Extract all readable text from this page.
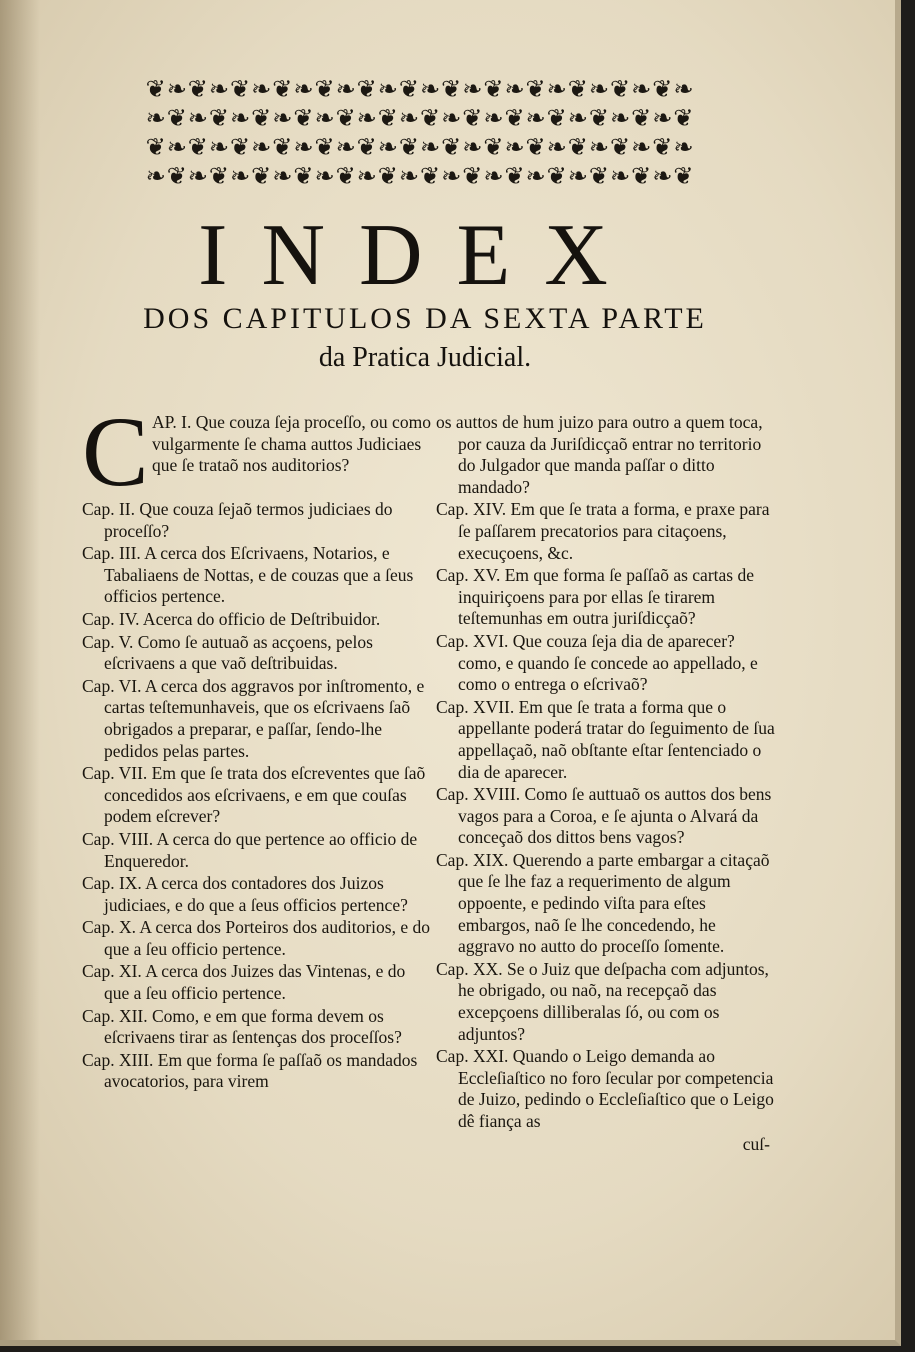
❦❧❦❧❦❧❦❧❦❧❦❧❦❧❦❧❦❧❦❧❦❧❦❧❦❧
❧❦❧❦❧❦❧❦❧❦❧❦❧❦❧❦❧❦❧❦❧❦❧❦❧❦
❦❧❦❧❦❧❦❧❦❧❦❧❦❧❦❧❦❧❦❧❦❧❦❧❦❧
❧❦❧❦❧❦❧❦❧❦❧❦❧❦❧❦❧❦❧❦❧❦❧❦❧❦
INDEX
DOS CAPITULOS DA SEXTA PARTE
da Pratica Judicial.
C AP. I. Que couza ſeja proceſſo, ou como vulgarmente ſe chama auttos Judiciaes que ſe trataõ nos auditorios?
Cap. II. Que couza ſejaõ termos judiciaes do proceſſo?
Cap. III. A cerca dos Eſcrivaens, Notarios, e Tabaliaens de Nottas, e de couzas que a ſeus officios pertence.
Cap. IV. Acerca do officio de Deſtribuidor.
Cap. V. Como ſe autuaõ as acçoens, pelos eſcrivaens a que vaõ deſtribuidas.
Cap. VI. A cerca dos aggravos por inſtromento, e cartas teſtemunhaveis, que os eſcrivaens ſaõ obrigados a preparar, e paſſar, ſendo-lhe pedidos pelas partes.
Cap. VII. Em que ſe trata dos eſcreventes que ſaõ concedidos aos eſcrivaens, e em que couſas podem eſcrever?
Cap. VIII. A cerca do que pertence ao officio de Enqueredor.
Cap. IX. A cerca dos contadores dos Juizos judiciaes, e do que a ſeus officios pertence?
Cap. X. A cerca dos Porteiros dos auditorios, e do que a ſeu officio pertence.
Cap. XI. A cerca dos Juizes das Vintenas, e do que a ſeu officio pertence.
Cap. XII. Como, e em que forma devem os eſcrivaens tirar as ſentenças dos proceſſos?
Cap. XIII. Em que forma ſe paſſaõ os mandados avocatorios, para virem
os auttos de hum juizo para outro a quem toca, por cauza da Juriſdicçaõ entrar no territorio do Julgador que manda paſſar o ditto mandado?
Cap. XIV. Em que ſe trata a forma, e praxe para ſe paſſarem precatorios para citaçoens, execuçoens, &c.
Cap. XV. Em que forma ſe paſſaõ as cartas de inquiriçoens para por ellas ſe tirarem teſtemunhas em outra juriſdicçaõ?
Cap. XVI. Que couza ſeja dia de aparecer? como, e quando ſe concede ao appellado, e como o entrega o eſcrivaõ?
Cap. XVII. Em que ſe trata a forma que o appellante poderá tratar do ſeguimento de ſua appellaçaõ, naõ obſtante eſtar ſentenciado o dia de aparecer.
Cap. XVIII. Como ſe auttuaõ os auttos dos bens vagos para a Coroa, e ſe ajunta o Alvará da conceçaõ dos dittos bens vagos?
Cap. XIX. Querendo a parte embargar a citaçaõ que ſe lhe faz a requerimento de algum oppoente, e pedindo viſta para eſtes embargos, naõ ſe lhe concedendo, he aggravo no autto do proceſſo ſomente.
Cap. XX. Se o Juiz que deſpacha com adjuntos, he obrigado, ou naõ, na recepçaõ das excepçoens dilliberalas ſó, ou com os adjuntos?
Cap. XXI. Quando o Leigo demanda ao Eccleſiaſtico no foro ſecular por competencia de Juizo, pedindo o Eccleſiaſtico que o Leigo dê fiança as
cuſ-
